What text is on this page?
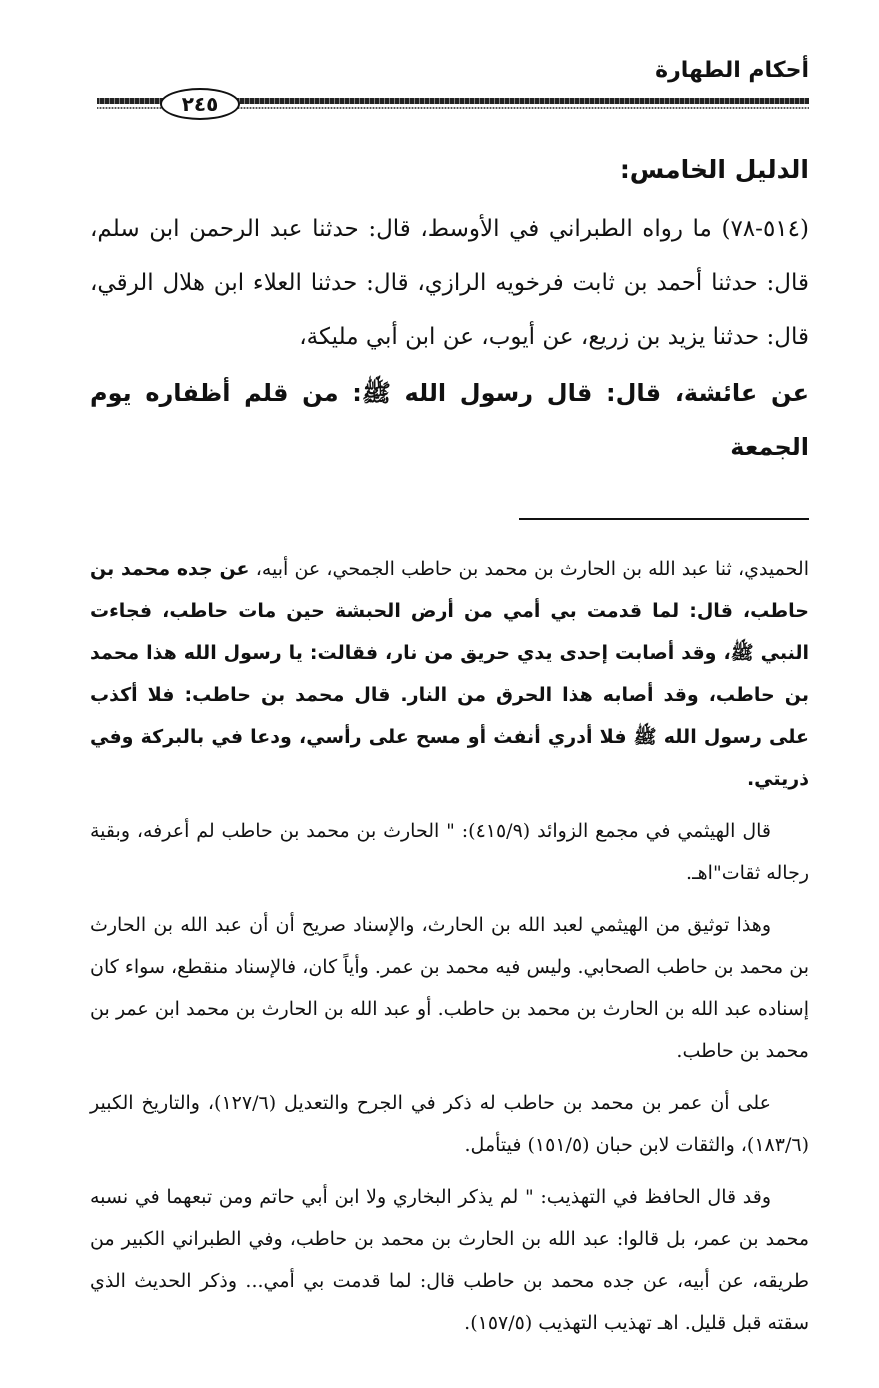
أحكام الطهارة
٢٤٥
الدليل الخامس:

(٥١٤-٧٨) ما رواه الطبراني في الأوسط، قال: حدثنا عبد الرحمن ابن سلم، قال: حدثنا أحمد بن ثابت فرخويه الرازي، قال: حدثنا العلاء ابن هلال الرقي، قال: حدثنا يزيد بن زريع، عن أيوب، عن ابن أبي مليكة،

عن عائشة، قال: قال رسول الله ﷺ: من قلم أظفاره يوم الجمعة

الحميدي، ثنا عبد الله بن الحارث بن محمد بن حاطب الجمحي، عن أبيه، عن جده محمد بن حاطب، قال: لما قدمت بي أمي من أرض الحبشة حين مات حاطب، فجاءت النبي ﷺ، وقد أصابت إحدى يدي حريق من نار، فقالت: يا رسول الله هذا محمد بن حاطب، وقد أصابه هذا الحرق من النار. قال محمد بن حاطب: فلا أكذب على رسول الله ﷺ فلا أدري أنفث أو مسح على رأسي، ودعا في بالبركة وفي ذريتي.

قال الهيثمي في مجمع الزوائد (٤١٥/٩): " الحارث بن محمد بن حاطب لم أعرفه، وبقية رجاله ثقات"اهـ.

وهذا توثيق من الهيثمي لعبد الله بن الحارث، والإسناد صريح أن أن عبد الله بن الحارث بن محمد بن حاطب الصحابي. وليس فيه محمد بن عمر. وأياً كان، فالإسناد منقطع، سواء كان إسناده عبد الله بن الحارث بن محمد بن حاطب. أو عبد الله بن الحارث بن محمد ابن عمر بن محمد بن حاطب.

على أن عمر بن محمد بن حاطب له ذكر في الجرح والتعديل (١٢٧/٦)، والتاريخ الكبير (١٨٣/٦)، والثقات لابن حبان (١٥١/٥) فيتأمل.

وقد قال الحافظ في التهذيب: " لم يذكر البخاري ولا ابن أبي حاتم ومن تبعهما في نسبه محمد بن عمر، بل قالوا: عبد الله بن الحارث بن محمد بن حاطب، وفي الطبراني الكبير من طريقه، عن أبيه، عن جده محمد بن حاطب قال: لما قدمت بي أمي... وذكر الحديث الذي سقته قبل قليل. اهـ تهذيب التهذيب (١٥٧/٥).
